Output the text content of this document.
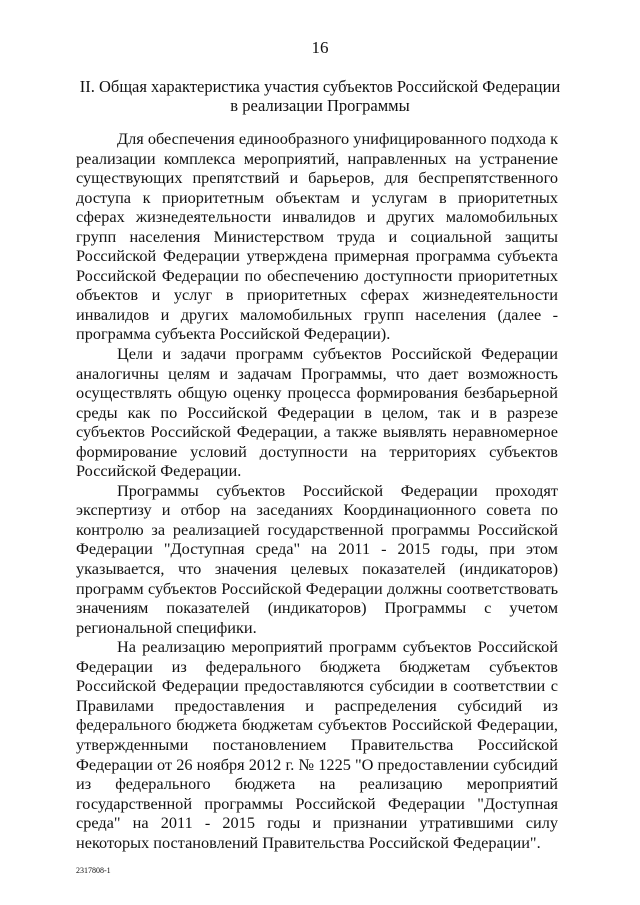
16
II. Общая характеристика участия субъектов Российской Федерации
в реализации Программы

Для обеспечения единообразного унифицированного подхода к реализации комплекса мероприятий, направленных на устранение существующих препятствий и барьеров, для беспрепятственного доступа к приоритетным объектам и услугам в приоритетных сферах жизнедеятельности инвалидов и других маломобильных групп населения Министерством труда и социальной защиты Российской Федерации утверждена примерная программа субъекта Российской Федерации по обеспечению доступности приоритетных объектов и услуг в приоритетных сферах жизнедеятельности инвалидов и других маломобильных групп населения (далее - программа субъекта Российской Федерации).

Цели и задачи программ субъектов Российской Федерации аналогичны целям и задачам Программы, что дает возможность осуществлять общую оценку процесса формирования безбарьерной среды как по Российской Федерации в целом, так и в разрезе субъектов Российской Федерации, а также выявлять неравномерное формирование условий доступности на территориях субъектов Российской Федерации.

Программы субъектов Российской Федерации проходят экспертизу и отбор на заседаниях Координационного совета по контролю за реализацией государственной программы Российской Федерации "Доступная среда" на 2011 - 2015 годы, при этом указывается, что значения целевых показателей (индикаторов) программ субъектов Российской Федерации должны соответствовать значениям показателей (индикаторов) Программы с учетом региональной специфики.

На реализацию мероприятий программ субъектов Российской Федерации из федерального бюджета бюджетам субъектов Российской Федерации предоставляются субсидии в соответствии с Правилами предоставления и распределения субсидий из федерального бюджета бюджетам субъектов Российской Федерации, утвержденными постановлением Правительства Российской Федерации от 26 ноября 2012 г. № 1225 "О предоставлении субсидий из федерального бюджета на реализацию мероприятий государственной программы Российской Федерации "Доступная среда" на 2011 - 2015 годы и признании утратившими силу некоторых постановлений Правительства Российской Федерации".

2317808-1
